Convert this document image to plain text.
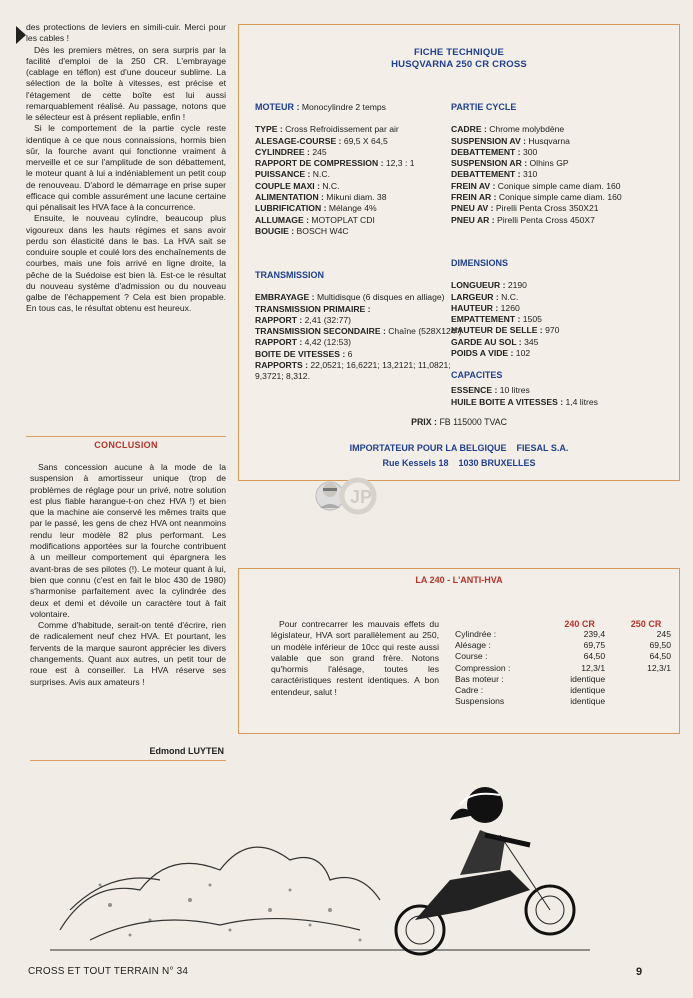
des protections de leviers en simili-cuir. Merci pour les cables !

Dès les premiers mètres, on sera surpris par la facilité d'emploi de la 250 CR. L'embrayage (cablage en téflon) est d'une douceur sublime. La sélection de la boîte à vitesses, est précise et l'étagement de cette boîte est lui aussi remarquablement réalisé. Au passage, notons que le sélecteur est à présent repliable, enfin !

Si le comportement de la partie cycle reste identique à ce que nous connaissions, hormis bien sûr, la fourche avant qui fonctionne vraiment à merveille et ce sur l'amplitude de son débattement, le moteur quant à lui a indéniablement un petit coup de renouveau. D'abord le démarrage en prise super efficace qui comble assurément une lacune certaine qui pénalisait les HVA face à la concurrence.

Ensuite, le nouveau cylindre, beaucoup plus vigoureux dans les hauts régimes et sans avoir perdu son élasticité dans le bas. La HVA sait se conduire souple et coulé lors des enchaînements de courbes, mais une fois arrivé en ligne droite, la pêche de la Suédoise est bien là. Est-ce le résultat du nouveau système d'admission ou du nouveau galbe de l'échappement ? Cela est bien propable. En tous cas, le résultat obtenu est heureux.

CONCLUSION

Sans concession aucune à la mode de la suspension à amortisseur unique (trop de problèmes de réglage pour un privé, notre solution est plus fiable harangue-t-on chez HVA !) et bien que la machine aie conservé les mêmes traits que par le passé, les gens de chez HVA ont neanmoins rendu leur modèle 82 plus performant. Les modifications apportées sur la fourche contribuent à un meilleur comportement qui épargnera les avant-bras de ses pilotes (!). Le moteur quant à lui, bien que connu (c'est en fait le bloc 430 de 1980) s'harmonise parfaitement avec la cylindrée des deux et demi et dévoile un caractère tout à fait volontaire.

Comme d'habitude, serait-on tenté d'écrire, rien de radicalement neuf chez HVA. Et pourtant, les fervents de la marque sauront apprécier les divers changements. Quant aux autres, un petit tour de roue est à conseiller. La HVA réserve ses surprises. Avis aux amateurs !

Edmond LUYTEN
FICHE TECHNIQUE
HUSQVARNA 250 CR CROSS
MOTEUR : Monocylindre 2 temps
TYPE : Cross Refroidissement par air
ALESAGE-COURSE : 69,5 X 64,5
CYLINDREE : 245
RAPPORT DE COMPRESSION : 12,3 : 1
PUISSANCE : N.C.
COUPLE MAXI : N.C.
ALIMENTATION : Mikuni diam. 38
LUBRIFICATION : Mélange 4%
ALLUMAGE : MOTOPLAT CDI
BOUGIE : BOSCH W4C
TRANSMISSION
EMBRAYAGE : Multidisque (6 disques en alliage)
TRANSMISSION PRIMAIRE :
RAPPORT : 2,41 (32:77)
TRANSMISSION SECONDAIRE : Chaîne (528X124")
RAPPORT : 4,42 (12:53)
BOITE DE VITESSES : 6
RAPPORTS : 22,0521; 16,6221; 13,2121; 11,0821; 9,3721; 8,312.
PARTIE CYCLE
CADRE : Chrome molybdène
SUSPENSION AV : Husqvarna
DEBATTEMENT : 300
SUSPENSION AR : Olhins GP
DEBATTEMENT : 310
FREIN AV : Conique simple came diam. 160
FREIN AR : Conique simple came diam. 160
PNEU AV : Pirelli Penta Cross 350X21
PNEU AR : Pirelli Penta Cross 450X7
DIMENSIONS
LONGUEUR : 2190
LARGEUR : N.C.
HAUTEUR : 1260
EMPATTEMENT : 1505
HAUTEUR DE SELLE : 970
GARDE AU SOL : 345
POIDS A VIDE : 102
CAPACITES
ESSENCE : 10 litres
HUILE BOITE A VITESSES : 1,4 litres
PRIX : FB 115000 TVAC
IMPORTATEUR POUR LA BELGIQUE    FIESAL S.A.
Rue Kessels 18    1030 BRUXELLES
JP
LA 240 - L'ANTI-HVA

Pour contrecarrer les mauvais effets du législateur, HVA sort parallèlement au 250, un modèle inférieur de 10cc qui reste aussi valable que son grand frère. Notons qu'hormis l'alésage, toutes les caractéristiques restent identiques. A bon entendeur, salut !

	240 CR	250 CR
Cylindrée :	239,4	245
Alésage :	69,75	69,50
Course :	64,50	64,50
Compression :	12,3/1	12,3/1
Bas moteur :	identique	
Cadre :	identique	
Suspensions	identique	
CROSS ET TOUT TERRAIN N° 34	9
